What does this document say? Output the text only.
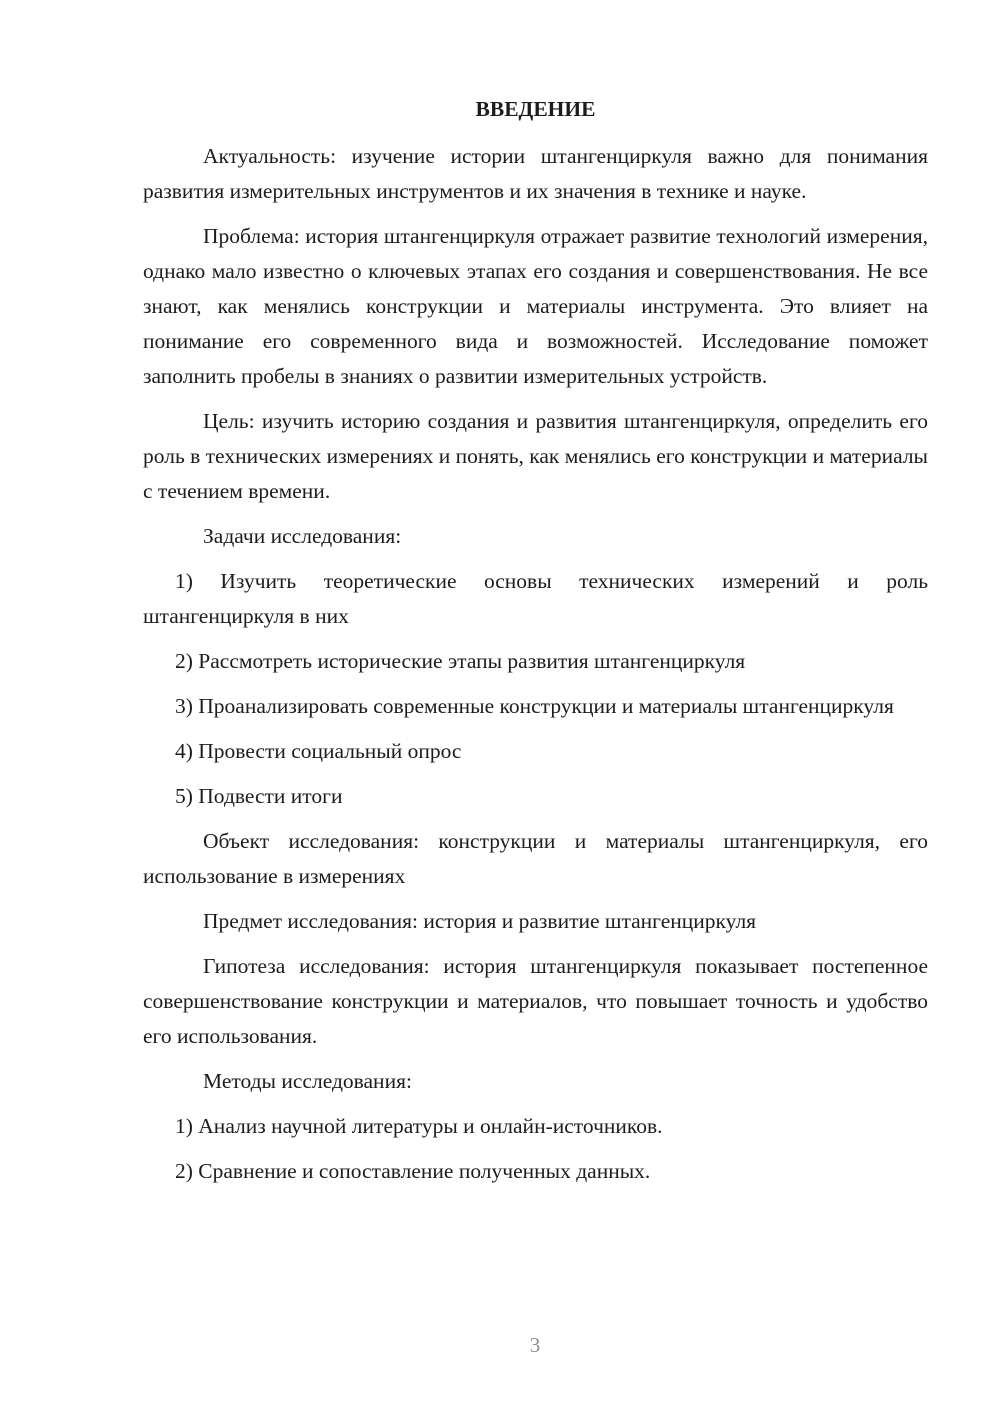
ВВЕДЕНИЕ

Актуальность: изучение истории штангенциркуля важно для понимания развития измерительных инструментов и их значения в технике и науке.

Проблема: история штангенциркуля отражает развитие технологий измерения, однако мало известно о ключевых этапах его создания и совершенствования. Не все знают, как менялись конструкции и материалы инструмента. Это влияет на понимание его современного вида и возможностей. Исследование поможет заполнить пробелы в знаниях о развитии измерительных устройств.

Цель: изучить историю создания и развития штангенциркуля, определить его роль в технических измерениях и понять, как менялись его конструкции и материалы с течением времени.

Задачи исследования:

1) Изучить теоретические основы технических измерений и роль штангенциркуля в них

2) Рассмотреть исторические этапы развития штангенциркуля

3) Проанализировать современные конструкции и материалы штангенциркуля

4) Провести социальный опрос

5) Подвести итоги

Объект исследования: конструкции и материалы штангенциркуля, его использование в измерениях

Предмет исследования: история и развитие штангенциркуля

Гипотеза исследования: история штангенциркуля показывает постепенное совершенствование конструкции и материалов, что повышает точность и удобство его использования.

Методы исследования:

1) Анализ научной литературы и онлайн-источников.

2) Сравнение и сопоставление полученных данных.

3
